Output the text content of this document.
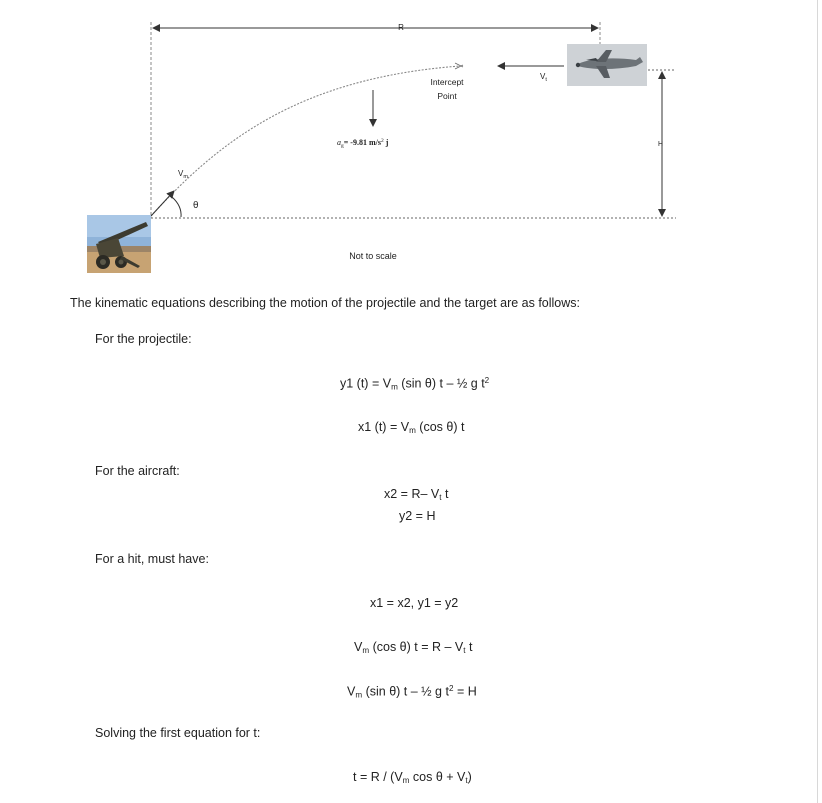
R
H
Intercept
Point
$V_t$
$a_g= -9.81$ $m/s^2$ j
$V_m$
θ
Not to scale
The kinematic equations describing the motion of the projectile and the target are as follows:
For the projectile:
y1 $(t) = V_m$ (sin θ) t – ½ g $t^2$
x1 $(t) = V_m$ (cos θ) t
For the aircraft:
x2 = R– $V_t$ t
y2 = H
For a hit, must have:
x1 = x2, y1 = y2
$V_m$ (cos θ) $t = R - V_t$ t
$V_m$ (sin θ) t – ½ g $t^2 = H$
Solving the first equation for t:
$t = R / (V_m$ $\cos \theta + V_t$)
